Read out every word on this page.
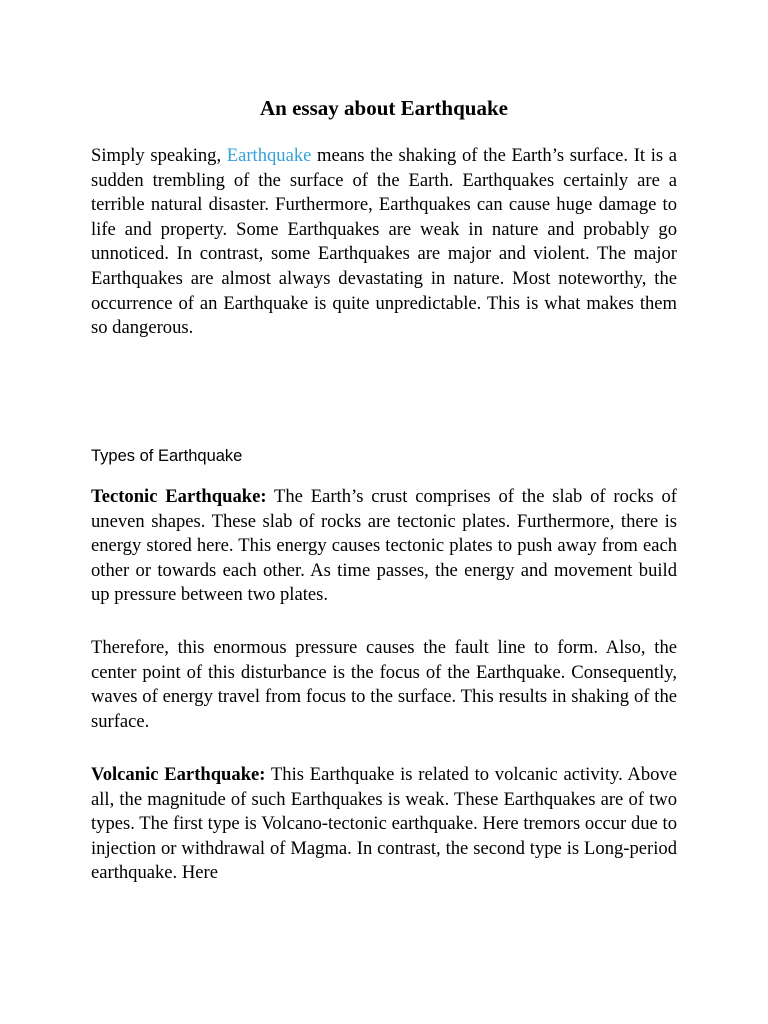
An essay about Earthquake

Simply speaking, Earthquake means the shaking of the Earth’s surface. It is a sudden trembling of the surface of the Earth. Earthquakes certainly are a terrible natural disaster. Furthermore, Earthquakes can cause huge damage to life and property. Some Earthquakes are weak in nature and probably go unnoticed. In contrast, some Earthquakes are major and violent. The major Earthquakes are almost always devastating in nature. Most noteworthy, the occurrence of an Earthquake is quite unpredictable. This is what makes them so dangerous.

Types of Earthquake

Tectonic Earthquake: The Earth’s crust comprises of the slab of rocks of uneven shapes. These slab of rocks are tectonic plates. Furthermore, there is energy stored here. This energy causes tectonic plates to push away from each other or towards each other. As time passes, the energy and movement build up pressure between two plates.

Therefore, this enormous pressure causes the fault line to form. Also, the center point of this disturbance is the focus of the Earthquake. Consequently, waves of energy travel from focus to the surface. This results in shaking of the surface.

Volcanic Earthquake: This Earthquake is related to volcanic activity. Above all, the magnitude of such Earthquakes is weak. These Earthquakes are of two types. The first type is Volcano-tectonic earthquake. Here tremors occur due to injection or withdrawal of Magma. In contrast, the second type is Long-period earthquake. Here
